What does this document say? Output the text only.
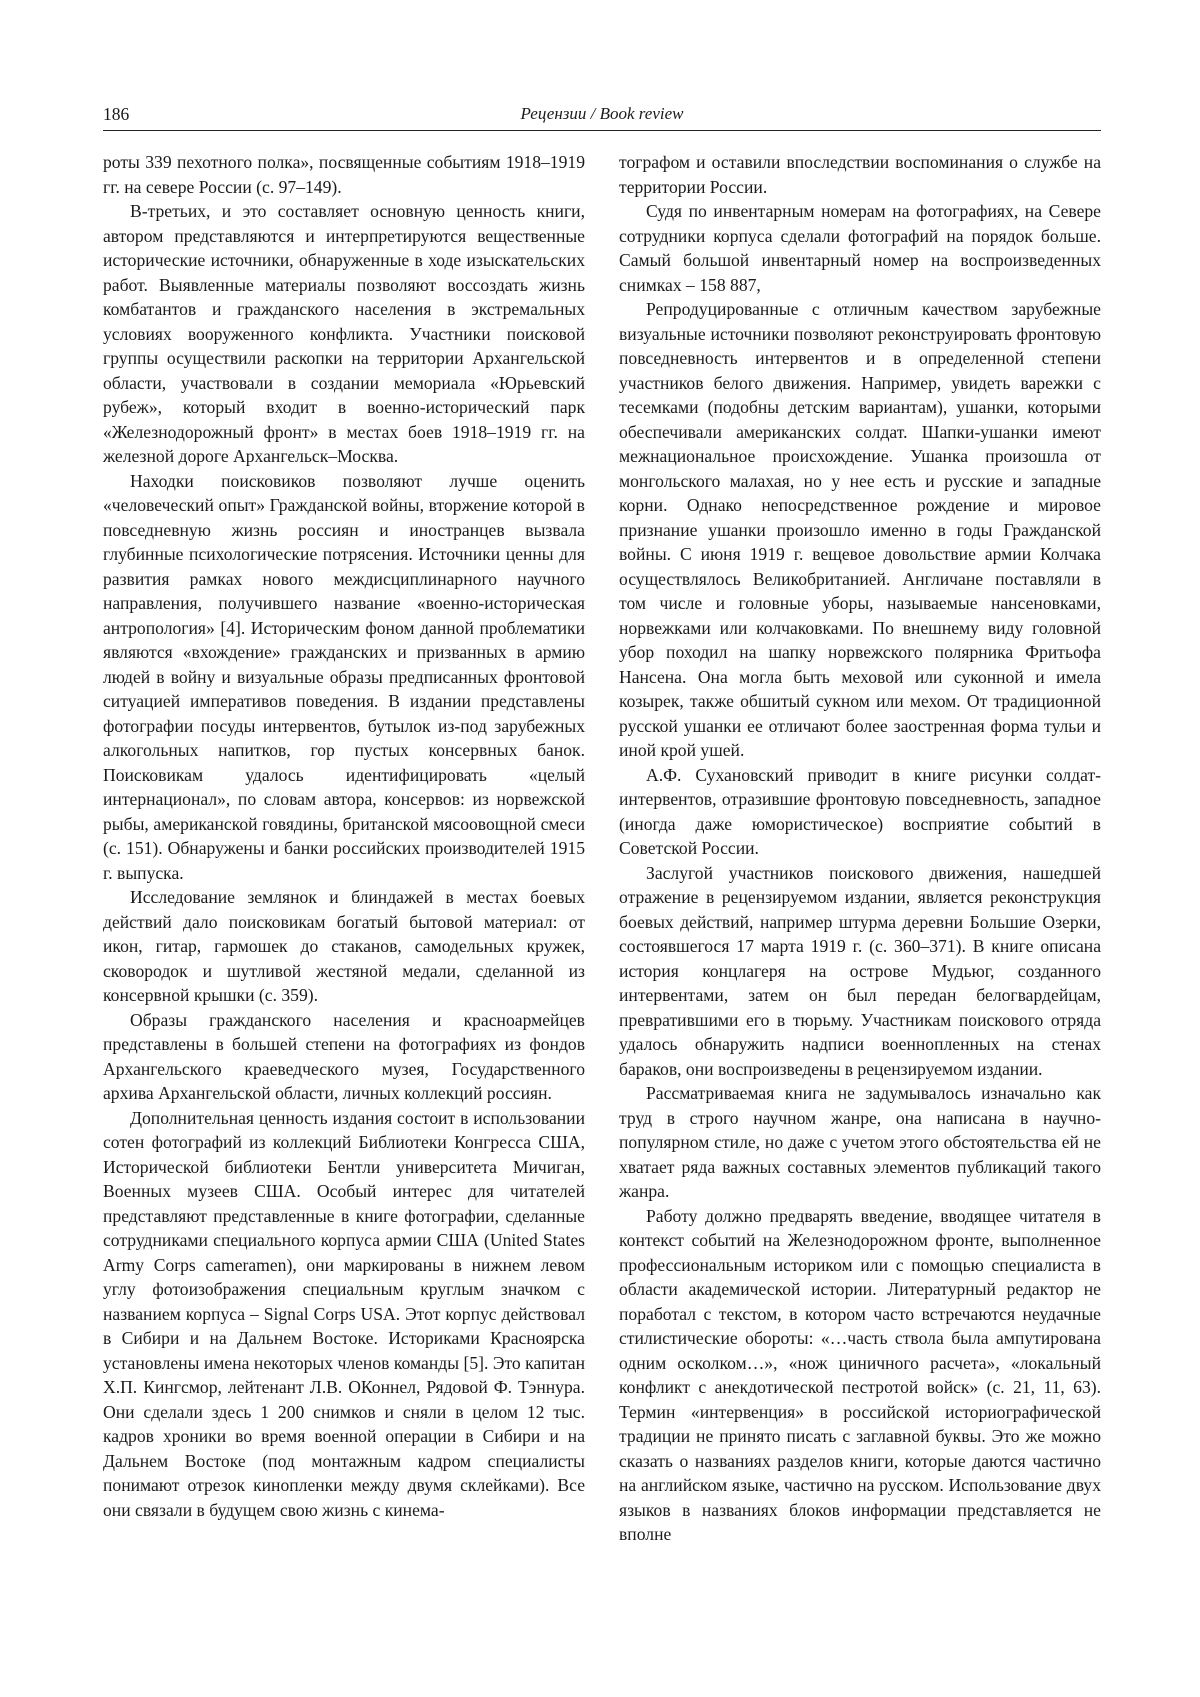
186	Рецензии / Book review

роты 339 пехотного полка», посвященные событиям 1918–1919 гг. на севере России (с. 97–149).

В-третьих, и это составляет основную ценность книги, автором представляются и интерпретируются вещественные исторические источники, обнаруженные в ходе изыскательских работ. Выявленные материалы позволяют воссоздать жизнь комбатантов и гражданского населения в экстремальных условиях вооруженного конфликта. Участники поисковой группы осуществили раскопки на территории Архангельской области, участвовали в создании мемориала «Юрьевский рубеж», который входит в военно-исторический парк «Железнодорожный фронт» в местах боев 1918–1919 гг. на железной дороге Архангельск–Москва.

Находки поисковиков позволяют лучше оценить «человеческий опыт» Гражданской войны, вторжение которой в повседневную жизнь россиян и иностранцев вызвала глубинные психологические потрясения. Источники ценны для развития рамках нового междисциплинарного научного направления, получившего название «военно-историческая антропология» [4]. Историческим фоном данной проблематики являются «вхождение» гражданских и призванных в армию людей в войну и визуальные образы предписанных фронтовой ситуацией императивов поведения. В издании представлены фотографии посуды интервентов, бутылок из-под зарубежных алкогольных напитков, гор пустых консервных банок. Поисковикам удалось идентифицировать «целый интернационал», по словам автора, консервов: из норвежской рыбы, американской говядины, британской мясоовощной смеси (с. 151). Обнаружены и банки российских производителей 1915 г. выпуска.

Исследование землянок и блиндажей в местах боевых действий дало поисковикам богатый бытовой материал: от икон, гитар, гармошек до стаканов, самодельных кружек, сковородок и шутливой жестяной медали, сделанной из консервной крышки (с. 359).

Образы гражданского населения и красноармейцев представлены в большей степени на фотографиях из фондов Архангельского краеведческого музея, Государственного архива Архангельской области, личных коллекций россиян.

Дополнительная ценность издания состоит в использовании сотен фотографий из коллекций Библиотеки Конгресса США, Исторической библиотеки Бентли университета Мичиган, Военных музеев США. Особый интерес для читателей представляют представленные в книге фотографии, сделанные сотрудниками специального корпуса армии США (United States Army Corps cameramen), они маркированы в нижнем левом углу фотоизображения специальным круглым значком с названием корпуса – Signal Corps USA. Этот корпус действовал в Сибири и на Дальнем Востоке. Историками Красноярска установлены имена некоторых членов команды [5]. Это капитан Х.П. Кингсмор, лейтенант Л.В. ОКоннел, Рядовой Ф. Тэннура. Они сделали здесь 1 200 снимков и сняли в целом 12 тыс. кадров хроники во время военной операции в Сибири и на Дальнем Востоке (под монтажным кадром специалисты понимают отрезок кинопленки между двумя склейками). Все они связали в будущем свою жизнь с кинема-

тографом и оставили впоследствии воспоминания о службе на территории России.

Судя по инвентарным номерам на фотографиях, на Севере сотрудники корпуса сделали фотографий на порядок больше. Самый большой инвентарный номер на воспроизведенных снимках – 158 887,

Репродуцированные с отличным качеством зарубежные визуальные источники позволяют реконструировать фронтовую повседневность интервентов и в определенной степени участников белого движения. Например, увидеть варежки с тесемками (подобны детским вариантам), ушанки, которыми обеспечивали американских солдат. Шапки-ушанки имеют межнациональное происхождение. Ушанка произошла от монгольского малахая, но у нее есть и русские и западные корни. Однако непосредственное рождение и мировое признание ушанки произошло именно в годы Гражданской войны. С июня 1919 г. вещевое довольствие армии Колчака осуществлялось Великобританией. Англичане поставляли в том числе и головные уборы, называемые нансеновками, норвежками или колчаковками. По внешнему виду головной убор походил на шапку норвежского полярника Фритьофа Нансена. Она могла быть меховой или суконной и имела козырек, также обшитый сукном или мехом. От традиционной русской ушанки ее отличают более заостренная форма тульи и иной крой ушей.

А.Ф. Сухановский приводит в книге рисунки солдат-интервентов, отразившие фронтовую повседневность, западное (иногда даже юмористическое) восприятие событий в Советской России.

Заслугой участников поискового движения, нашедшей отражение в рецензируемом издании, является реконструкция боевых действий, например штурма деревни Большие Озерки, состоявшегося 17 марта 1919 г. (с. 360–371). В книге описана история концлагеря на острове Мудьюг, созданного интервентами, затем он был передан белогвардейцам, превратившими его в тюрьму. Участникам поискового отряда удалось обнаружить надписи военнопленных на стенах бараков, они воспроизведены в рецензируемом издании.

Рассматриваемая книга не задумывалось изначально как труд в строго научном жанре, она написана в научно-популярном стиле, но даже с учетом этого обстоятельства ей не хватает ряда важных составных элементов публикаций такого жанра.

Работу должно предварять введение, вводящее читателя в контекст событий на Железнодорожном фронте, выполненное профессиональным историком или с помощью специалиста в области академической истории. Литературный редактор не поработал с текстом, в котором часто встречаются неудачные стилистические обороты: «…часть ствола была ампутирована одним осколком…», «нож циничного расчета», «локальный конфликт с анекдотической пестротой войск» (с. 21, 11, 63). Термин «интервенция» в российской историографической традиции не принято писать с заглавной буквы. Это же можно сказать о названиях разделов книги, которые даются частично на английском языке, частично на русском. Использование двух языков в названиях блоков информации представляется не вполне
